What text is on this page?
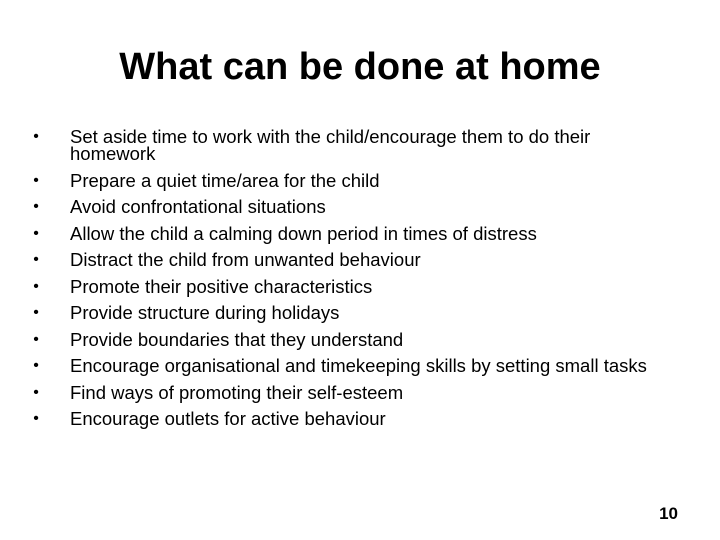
What can be done at home
• Set aside time to work with the child/encourage them to do their homework
• Prepare a quiet time/area for the child
• Avoid confrontational situations
• Allow the child a calming down period in times of distress
• Distract the child from unwanted behaviour
• Promote their positive characteristics
• Provide structure during holidays
• Provide boundaries that they understand
• Encourage organisational and timekeeping skills by setting small tasks
• Find ways of promoting their self-esteem
• Encourage outlets for active behaviour
10
